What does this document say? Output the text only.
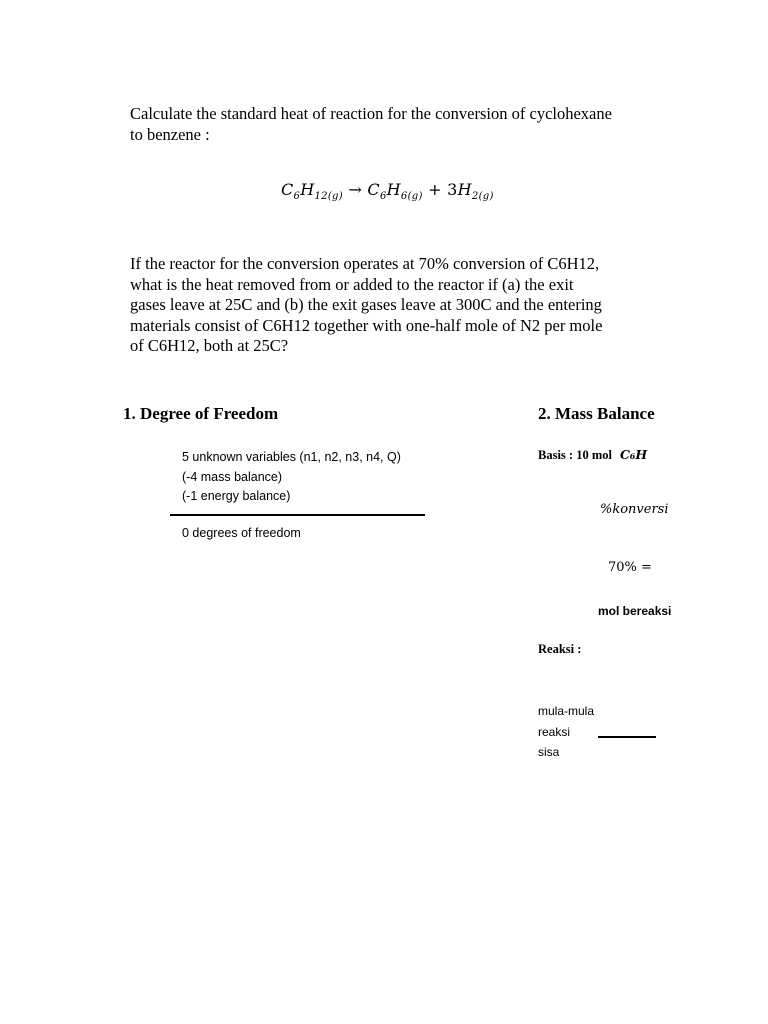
Calculate the standard heat of reaction for the conversion of cyclohexane
to benzene :
$C_6H_{12(g)} \to C_6H_{6(g)} + 3H_{2(g)}$
If the reactor for the conversion operates at 70% conversion of C6H12,
what is the heat removed from or added to the reactor if (a) the exit
gases leave at 25C and (b) the exit gases leave at 300C and the entering
materials consist of C6H12 together with one-half mole of N2 per mole
of C6H12, both at 25C?
1. Degree of Freedom
5 unknown variables (n1, n2, n3, n4, Q)
(-4 mass balance)
(-1 energy balance)
0 degrees of freedom
2. Mass Balance
Basis : 10 mol C₆H
%konversi
70% =
mol bereaksi
Reaksi :
mula-mula
reaksi
sisa
